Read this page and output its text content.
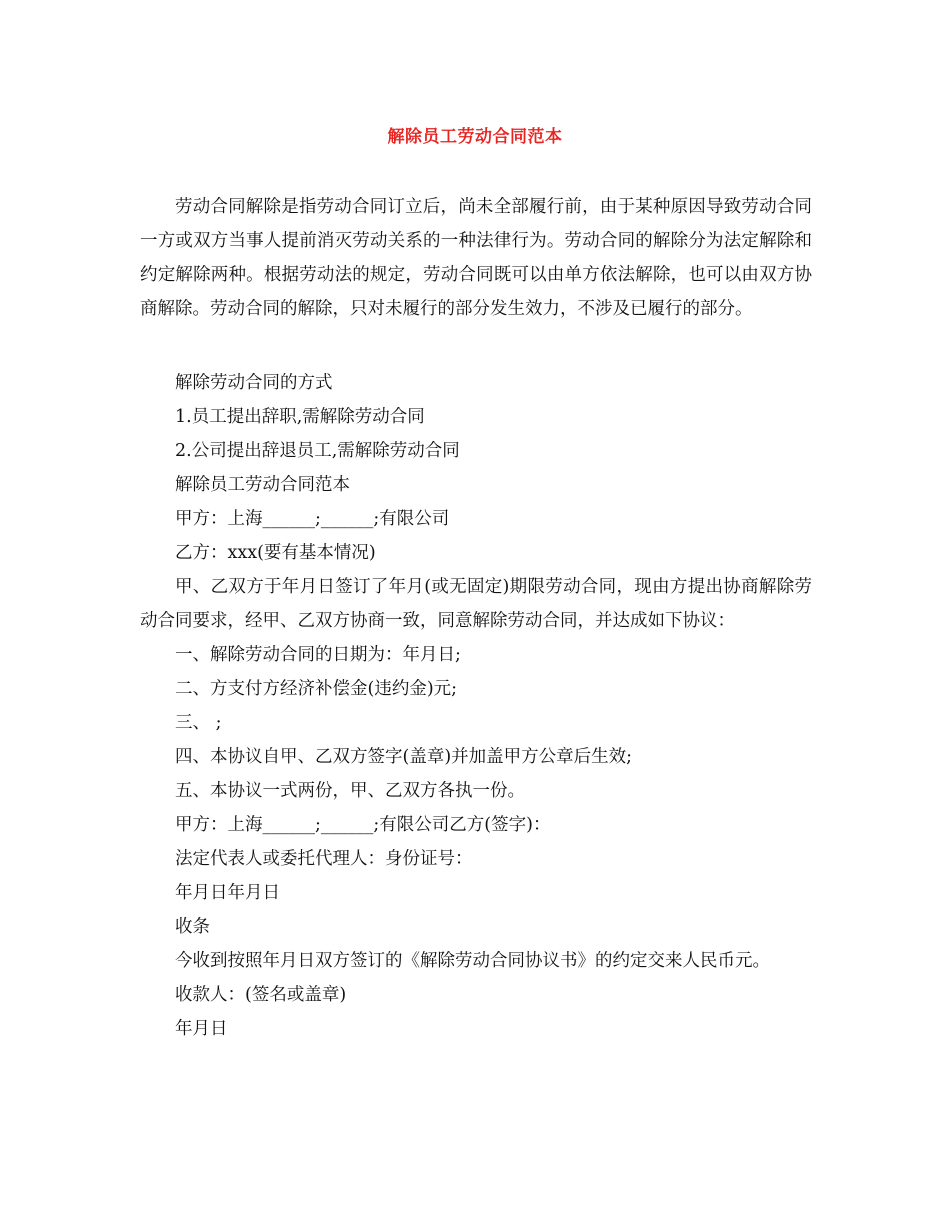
解除员工劳动合同范本

劳动合同解除是指劳动合同订立后，尚未全部履行前，由于某种原因导致劳动合同一方或双方当事人提前消灭劳动关系的一种法律行为。劳动合同的解除分为法定解除和约定解除两种。根据劳动法的规定，劳动合同既可以由单方依法解除，也可以由双方协商解除。劳动合同的解除，只对未履行的部分发生效力，不涉及已履行的部分。

解除劳动合同的方式
1.员工提出辞职,需解除劳动合同
2.公司提出辞退员工,需解除劳动合同
解除员工劳动合同范本
甲方：上海______;______;有限公司
乙方：xxx(要有基本情况)
甲、乙双方于年月日签订了年月(或无固定)期限劳动合同，现由方提出协商解除劳动合同要求，经甲、乙双方协商一致，同意解除劳动合同，并达成如下协议：
一、解除劳动合同的日期为：年月日;
二、方支付方经济补偿金(违约金)元;
三、 ;
四、本协议自甲、乙双方签字(盖章)并加盖甲方公章后生效;
五、本协议一式两份，甲、乙双方各执一份。
甲方：上海______;______;有限公司乙方(签字)：
法定代表人或委托代理人：身份证号：
年月日年月日
收条
今收到按照年月日双方签订的《解除劳动合同协议书》的约定交来人民币元。
收款人：(签名或盖章)
年月日
